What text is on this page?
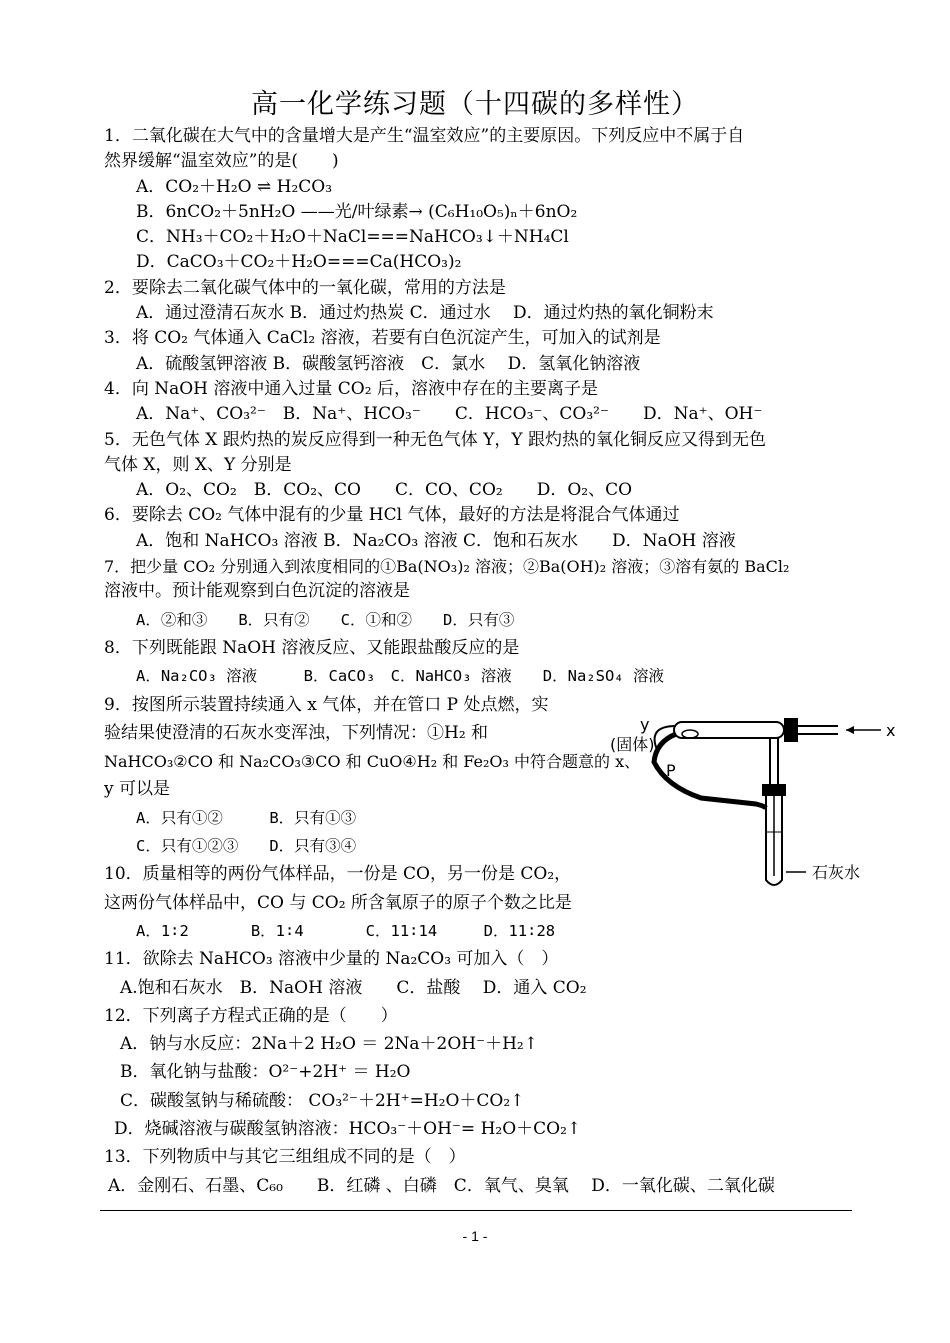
高一化学练习题（十四碳的多样性）
1．二氧化碳在大气中的含量增大是产生“温室效应”的主要原因。下列反应中不属于自
然界缓解“温室效应”的是(　　)
A．CO₂＋H₂O ⇌ H₂CO₃
B．6nCO₂＋5nH₂O ——光/叶绿素→ (C₆H₁₀O₅)ₙ＋6nO₂
C．NH₃＋CO₂＋H₂O＋NaCl===NaHCO₃↓＋NH₄Cl
D．CaCO₃＋CO₂＋H₂O===Ca(HCO₃)₂
2．要除去二氧化碳气体中的一氧化碳，常用的方法是
A．通过澄清石灰水 B．通过灼热炭 C．通过水　 D．通过灼热的氧化铜粉末
3．将 CO₂ 气体通入 CaCl₂ 溶液，若要有白色沉淀产生，可加入的试剂是
A．硫酸氢钾溶液 B．碳酸氢钙溶液　C．氯水　 D．氢氧化钠溶液
4．向 NaOH 溶液中通入过量 CO₂ 后，溶液中存在的主要离子是
A．Na⁺、CO₃²⁻　B．Na⁺、HCO₃⁻　　C．HCO₃⁻、CO₃²⁻　　D．Na⁺、OH⁻
5．无色气体 X 跟灼热的炭反应得到一种无色气体 Y，Y 跟灼热的氧化铜反应又得到无色
气体 X，则 X、Y 分别是
A．O₂、CO₂　B．CO₂、CO　　C．CO、CO₂　　D．O₂、CO
6．要除去 CO₂ 气体中混有的少量 HCl 气体，最好的方法是将混合气体通过
A．饱和 NaHCO₃ 溶液 B．Na₂CO₃ 溶液 C．饱和石灰水　　D．NaOH 溶液
7．把少量 CO₂ 分别通入到浓度相同的①Ba(NO₃)₂ 溶液；②Ba(OH)₂ 溶液；③溶有氨的 BaCl₂
溶液中。预计能观察到白色沉淀的溶液是
A．②和③　　B．只有②　　C．①和②　　D．只有③
8．下列既能跟 NaOH 溶液反应、又能跟盐酸反应的是
A．Na₂CO₃ 溶液　　　B．CaCO₃　C．NaHCO₃ 溶液　　D．Na₂SO₄ 溶液
9．按图所示装置持续通入 x 气体，并在管口 P 处点燃，实
验结果使澄清的石灰水变浑浊，下列情况：①H₂ 和
NaHCO₃②CO 和 Na₂CO₃③CO 和 CuO④H₂ 和 Fe₂O₃ 中符合题意的 x、
y 可以是
A．只有①②　　　B．只有①③
C．只有①②③　　D．只有③④
10．质量相等的两份气体样品，一份是 CO，另一份是 CO₂，
这两份气体样品中，CO 与 CO₂ 所含氧原子的原子个数之比是
A．1∶2　　　　B．1∶4　　　　C．11∶14　　　D．11∶28
11．欲除去 NaHCO₃ 溶液中少量的 Na₂CO₃ 可加入（　）
A.饱和石灰水　B．NaOH 溶液　　C．盐酸　 D．通入 CO₂
12．下列离子方程式正确的是（　　）
A．钠与水反应：2Na＋2 H₂O ＝ 2Na＋2OH⁻＋H₂↑
B．氧化钠与盐酸：O²⁻+2H⁺ ＝ H₂O
C．碳酸氢钠与稀硫酸： CO₃²⁻＋2H⁺=H₂O＋CO₂↑
D．烧碱溶液与碳酸氢钠溶液：HCO₃⁻＋OH⁻= H₂O＋CO₂↑
13．下列物质中与其它三组组成不同的是（　）
A．金刚石、石墨、C₆₀　　B．红磷 、白磷　C．氧气、臭氧　 D．一氧化碳、二氧化碳
x
y
(固体)
P
石灰水
- 1 -
